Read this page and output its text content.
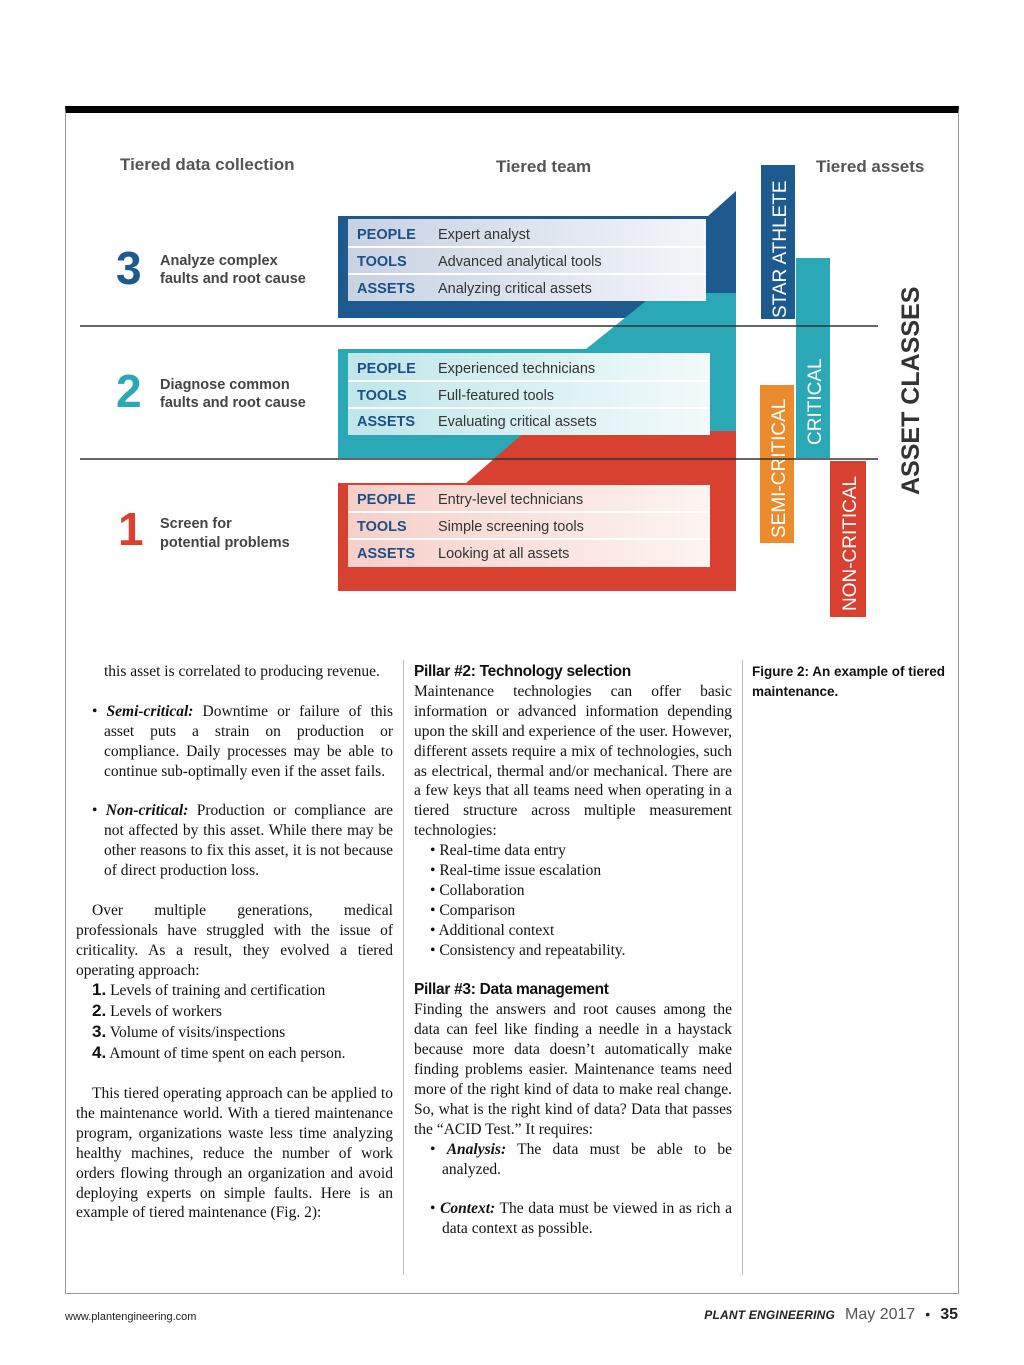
Tiered data collection	Tiered team	Tiered assets
PEOPLE Expert analyst
TOOLS Advanced analytical tools
ASSETS Analyzing critical assets
PEOPLE Experienced technicians
TOOLS Full-featured tools
ASSETS Evaluating critical assets
PEOPLE Entry-level technicians
TOOLS Simple screening tools
ASSETS Looking at all assets
3 Analyze complex
faults and root cause
2 Diagnose common
faults and root cause
1 Screen for
potential problems
STAR ATHLETE
CRITICAL
SEMI-CRITICAL
NON-CRITICAL
ASSET CLASSES

this asset is correlated to producing revenue.

• Semi-critical: Downtime or failure of this asset puts a strain on production or compliance. Daily processes may be able to continue sub-optimally even if the asset fails.

• Non-critical: Production or compliance are not affected by this asset. While there may be other reasons to fix this asset, it is not because of direct production loss.

Over multiple generations, medical professionals have struggled with the issue of criticality. As a result, they evolved a tiered operating approach:

1. Levels of training and certification

2. Levels of workers

3. Volume of visits/inspections

4. Amount of time spent on each person.

This tiered operating approach can be applied to the maintenance world. With a tiered maintenance program, organizations waste less time analyzing healthy machines, reduce the number of work orders flowing through an organization and avoid deploying experts on simple faults. Here is an example of tiered maintenance (Fig. 2):

Pillar #2: Technology selection

Maintenance technologies can offer basic information or advanced information depending upon the skill and experience of the user. However, different assets require a mix of technologies, such as electrical, thermal and/or mechanical. There are a few keys that all teams need when operating in a tiered structure across multiple measurement technologies:

• Real-time data entry

• Real-time issue escalation

• Collaboration

• Comparison

• Additional context

• Consistency and repeatability.

Pillar #3: Data management

Finding the answers and root causes among the data can feel like finding a needle in a haystack because more data doesn’t automatically make finding problems easier. Maintenance teams need more of the right kind of data to make real change. So, what is the right kind of data? Data that passes the “ACID Test.” It requires:

• Analysis: The data must be able to be analyzed.

• Context: The data must be viewed in as rich a data context as possible.

Figure 2: An example of tiered maintenance.

www.plantengineering.com	PLANT ENGINEERING May 2017 • 35
